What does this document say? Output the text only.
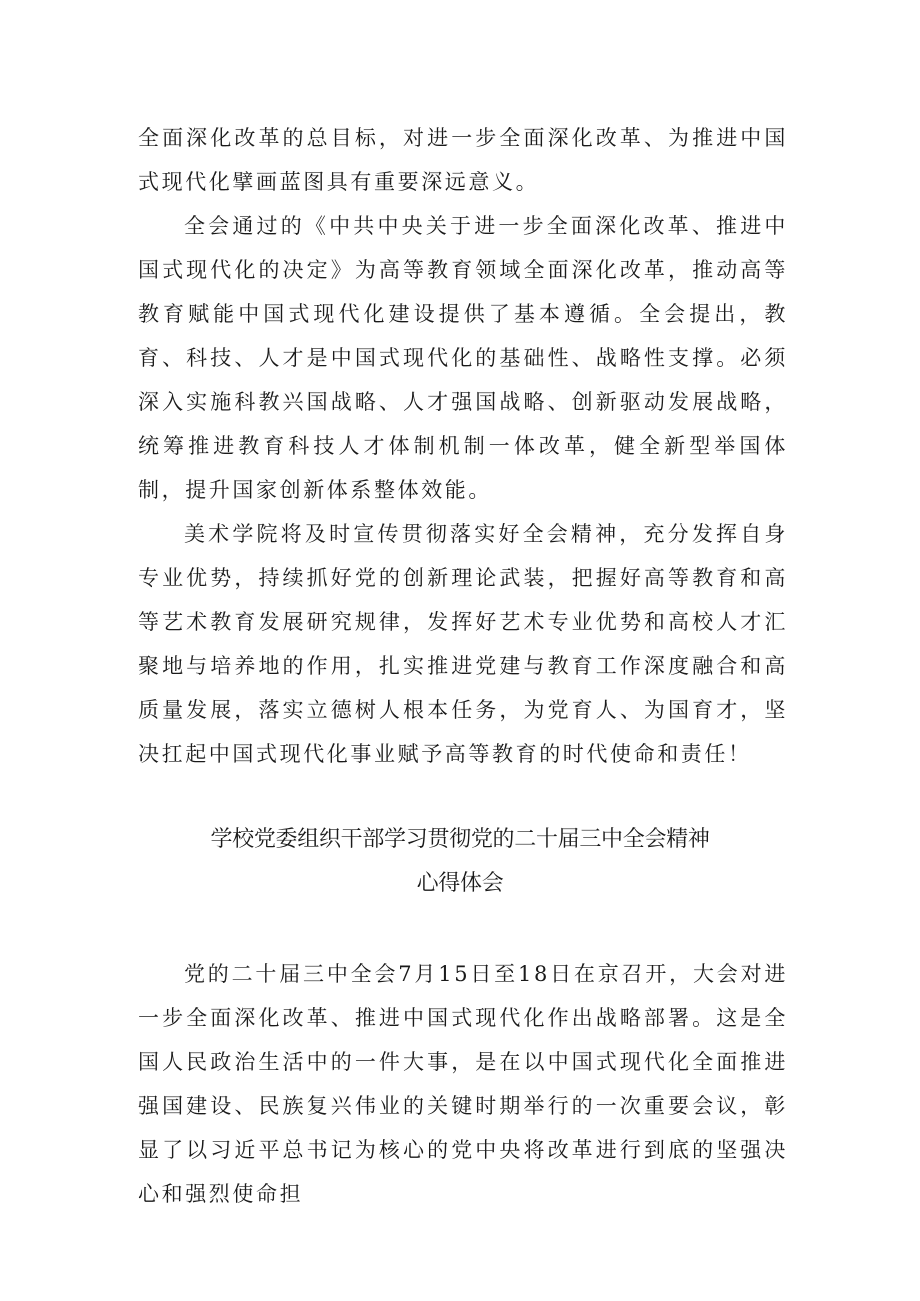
全面深化改革的总目标，对进一步全面深化改革、为推进中国式现代化擘画蓝图具有重要深远意义。

全会通过的《中共中央关于进一步全面深化改革、推进中国式现代化的决定》为高等教育领域全面深化改革，推动高等教育赋能中国式现代化建设提供了基本遵循。全会提出，教育、科技、人才是中国式现代化的基础性、战略性支撑。必须深入实施科教兴国战略、人才强国战略、创新驱动发展战略，统筹推进教育科技人才体制机制一体改革，健全新型举国体制，提升国家创新体系整体效能。

美术学院将及时宣传贯彻落实好全会精神，充分发挥自身专业优势，持续抓好党的创新理论武装，把握好高等教育和高等艺术教育发展研究规律，发挥好艺术专业优势和高校人才汇聚地与培养地的作用，扎实推进党建与教育工作深度融合和高质量发展，落实立德树人根本任务，为党育人、为国育才，坚决扛起中国式现代化事业赋予高等教育的时代使命和责任！

学校党委组织干部学习贯彻党的二十届三中全会精神

心得体会

党的二十届三中全会7月15日至18日在京召开，大会对进一步全面深化改革、推进中国式现代化作出战略部署。这是全国人民政治生活中的一件大事，是在以中国式现代化全面推进强国建设、民族复兴伟业的关键时期举行的一次重要会议，彰显了以习近平总书记为核心的党中央将改革进行到底的坚强决心和强烈使命担
